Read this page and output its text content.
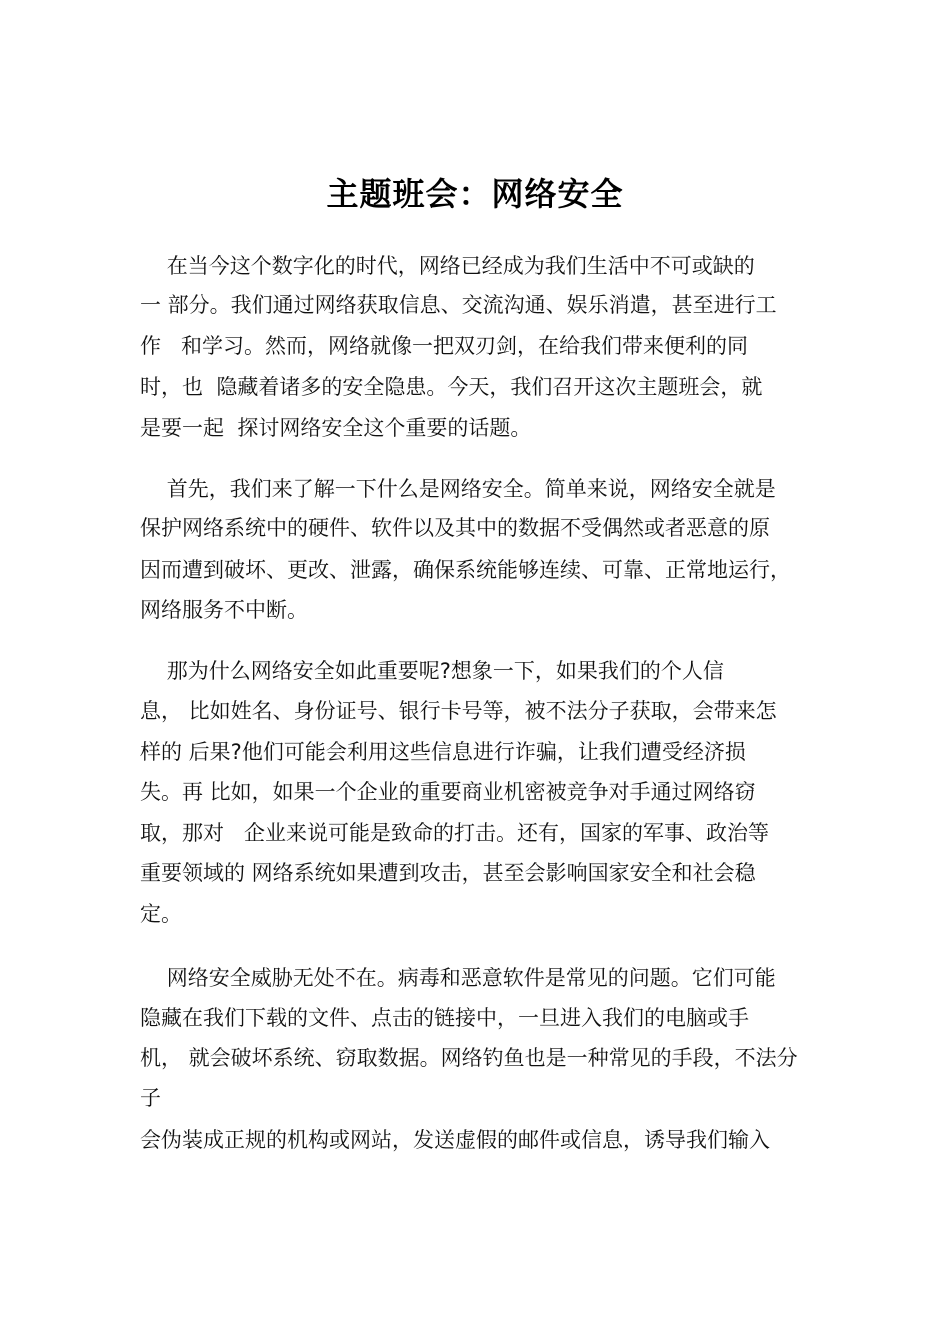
主题班会：网络安全
在当今这个数字化的时代，网络已经成为我们生活中不可或缺的
一 部分。我们通过网络获取信息、交流沟通、娱乐消遣，甚至进行工
作   和学习。然而，网络就像一把双刃剑，在给我们带来便利的同
时，也  隐藏着诸多的安全隐患。今天，我们召开这次主题班会，就
是要一起  探讨网络安全这个重要的话题。
首先，我们来了解一下什么是网络安全。简单来说，网络安全就是
保护网络系统中的硬件、软件以及其中的数据不受偶然或者恶意的原
因而遭到破坏、更改、泄露，确保系统能够连续、可靠、正常地运行，
网络服务不中断。
那为什么网络安全如此重要呢?想象一下，如果我们的个人信
息， 比如姓名、身份证号、银行卡号等，被不法分子获取，会带来怎
样的 后果?他们可能会利用这些信息进行诈骗，让我们遭受经济损
失。再 比如，如果一个企业的重要商业机密被竞争对手通过网络窃
取，那对   企业来说可能是致命的打击。还有，国家的军事、政治等
重要领域的 网络系统如果遭到攻击，甚至会影响国家安全和社会稳
定。
网络安全威胁无处不在。病毒和恶意软件是常见的问题。它们可能
隐藏在我们下载的文件、点击的链接中，一旦进入我们的电脑或手
机， 就会破坏系统、窃取数据。网络钓鱼也是一种常见的手段，不法分
子
会伪装成正规的机构或网站，发送虚假的邮件或信息，诱导我们输入
